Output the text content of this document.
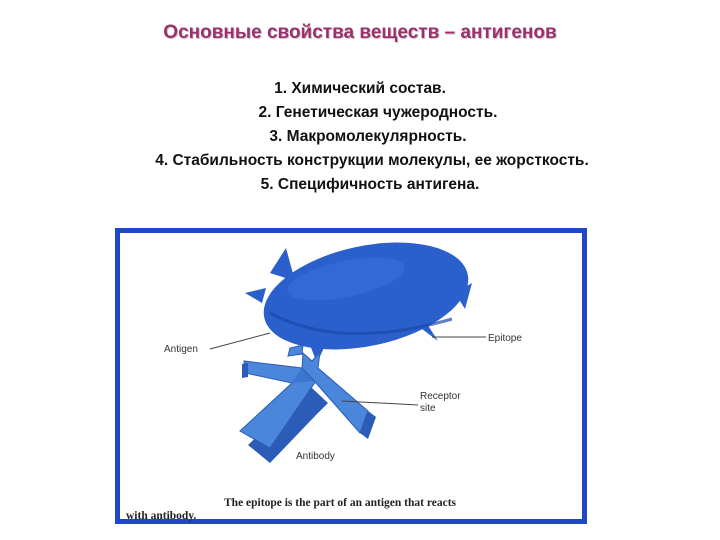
Основные свойства веществ – антигенов
1. Химический состав.
2. Генетическая чужеродность.
3. Макромолекулярность.
4. Стабильность конструкции молекулы, ее жорсткость.
5. Специфичность антигена.
Antigen
Epitope
Receptor
site
Antibody
The epitope is the part of an antigen that reacts
with antibody.
